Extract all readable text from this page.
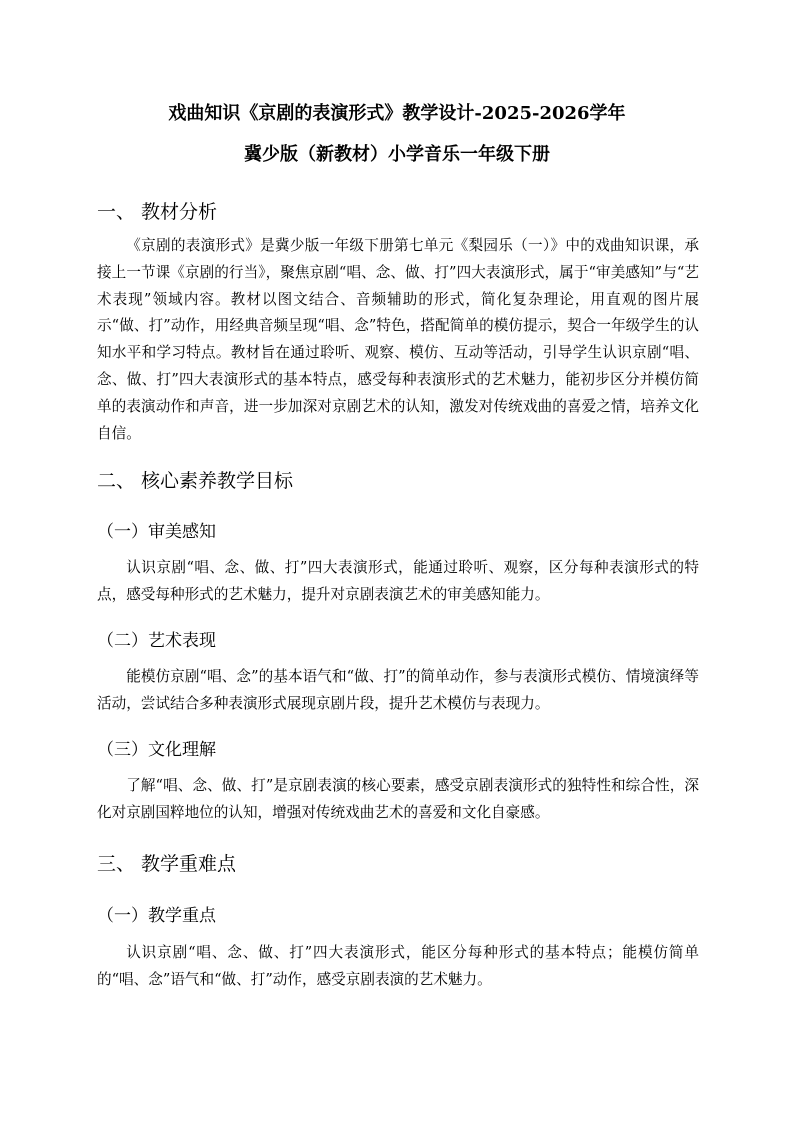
戏曲知识《京剧的表演形式》教学设计-2025-2026学年
冀少版（新教材）小学音乐一年级下册
一、 教材分析
《京剧的表演形式》是冀少版一年级下册第七单元《梨园乐（一）》中的戏曲知识课，承接上一节课《京剧的行当》，聚焦京剧“唱、念、做、打”四大表演形式，属于“审美感知”与“艺术表现”领域内容。教材以图文结合、音频辅助的形式，简化复杂理论，用直观的图片展示“做、打”动作，用经典音频呈现“唱、念”特色，搭配简单的模仿提示，契合一年级学生的认知水平和学习特点。教材旨在通过聆听、观察、模仿、互动等活动，引导学生认识京剧“唱、念、做、打”四大表演形式的基本特点，感受每种表演形式的艺术魅力，能初步区分并模仿简单的表演动作和声音，进一步加深对京剧艺术的认知，激发对传统戏曲的喜爱之情，培养文化自信。
二、 核心素养教学目标
（一）审美感知
认识京剧“唱、念、做、打”四大表演形式，能通过聆听、观察，区分每种表演形式的特点，感受每种形式的艺术魅力，提升对京剧表演艺术的审美感知能力。
（二）艺术表现
能模仿京剧“唱、念”的基本语气和“做、打”的简单动作，参与表演形式模仿、情境演绎等活动，尝试结合多种表演形式展现京剧片段，提升艺术模仿与表现力。
（三）文化理解
了解“唱、念、做、打”是京剧表演的核心要素，感受京剧表演形式的独特性和综合性，深化对京剧国粹地位的认知，增强对传统戏曲艺术的喜爱和文化自豪感。
三、 教学重难点
（一）教学重点
认识京剧“唱、念、做、打”四大表演形式，能区分每种形式的基本特点；能模仿简单的“唱、念”语气和“做、打”动作，感受京剧表演的艺术魅力。
